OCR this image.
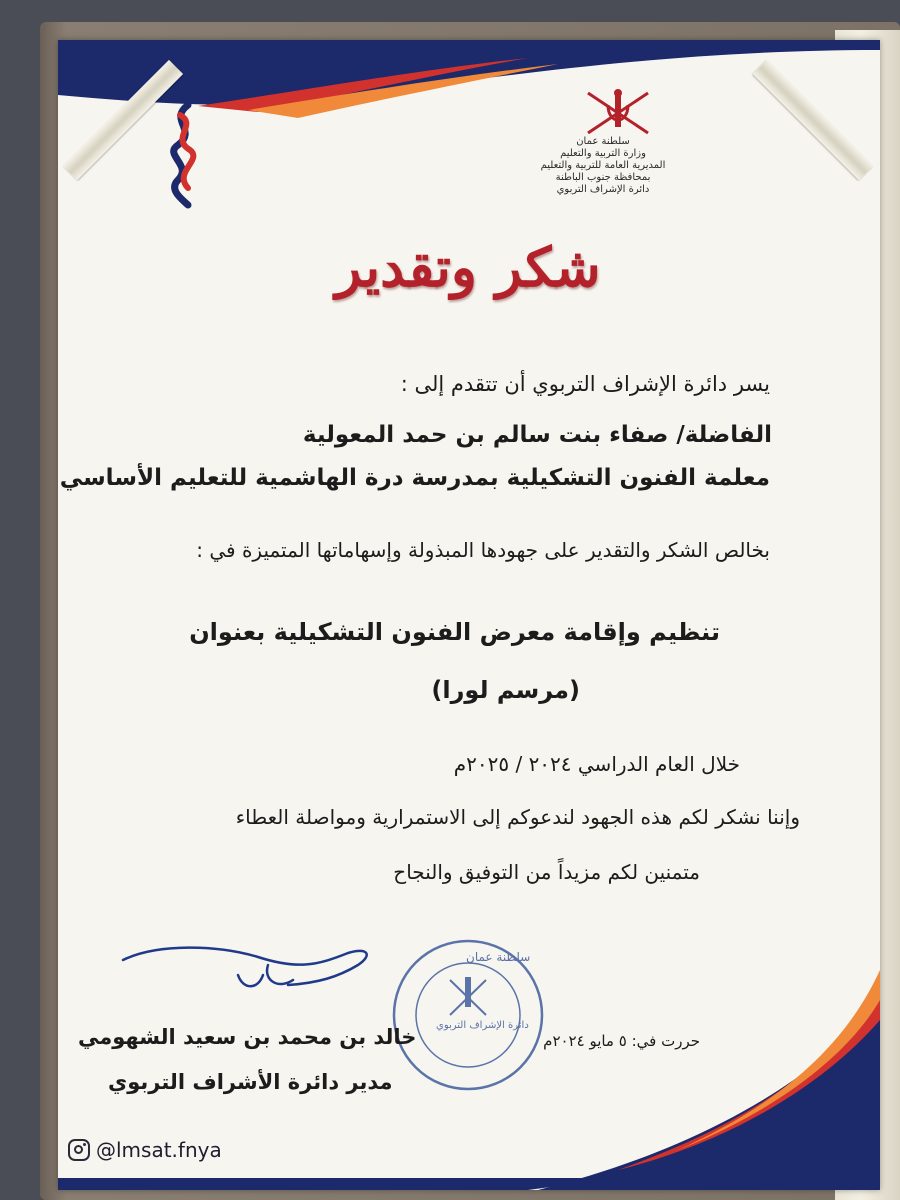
سلطنة عمان
وزارة التربية والتعليم
المديرية العامة للتربية والتعليم
بمحافظة جنوب الباطنة
دائرة الإشراف التربوي
شكر وتقدير
يسر دائرة الإشراف التربوي أن تتقدم إلى :
الفاضلة/ صفاء بنت سالم بن حمد المعولية
معلمة الفنون التشكيلية بمدرسة درة الهاشمية للتعليم الأساسي
بخالص الشكر والتقدير على جهودها المبذولة وإسهاماتها المتميزة في :
تنظيم وإقامة معرض الفنون التشكيلية بعنوان
(مرسم لورا)
خلال العام الدراسي ٢٠٢٤ / ٢٠٢٥م
وإننا نشكر لكم هذه الجهود لندعوكم إلى الاستمرارية ومواصلة العطاء
متمنين لكم مزيداً من التوفيق والنجاح
سلطنة عمان
دائرة الإشراف التربوي
حررت في: ٥ مايو ٢٠٢٤م
خالد بن محمد بن سعيد الشهومي
مدير دائرة الأشراف التربوي
@lmsat.fnya
